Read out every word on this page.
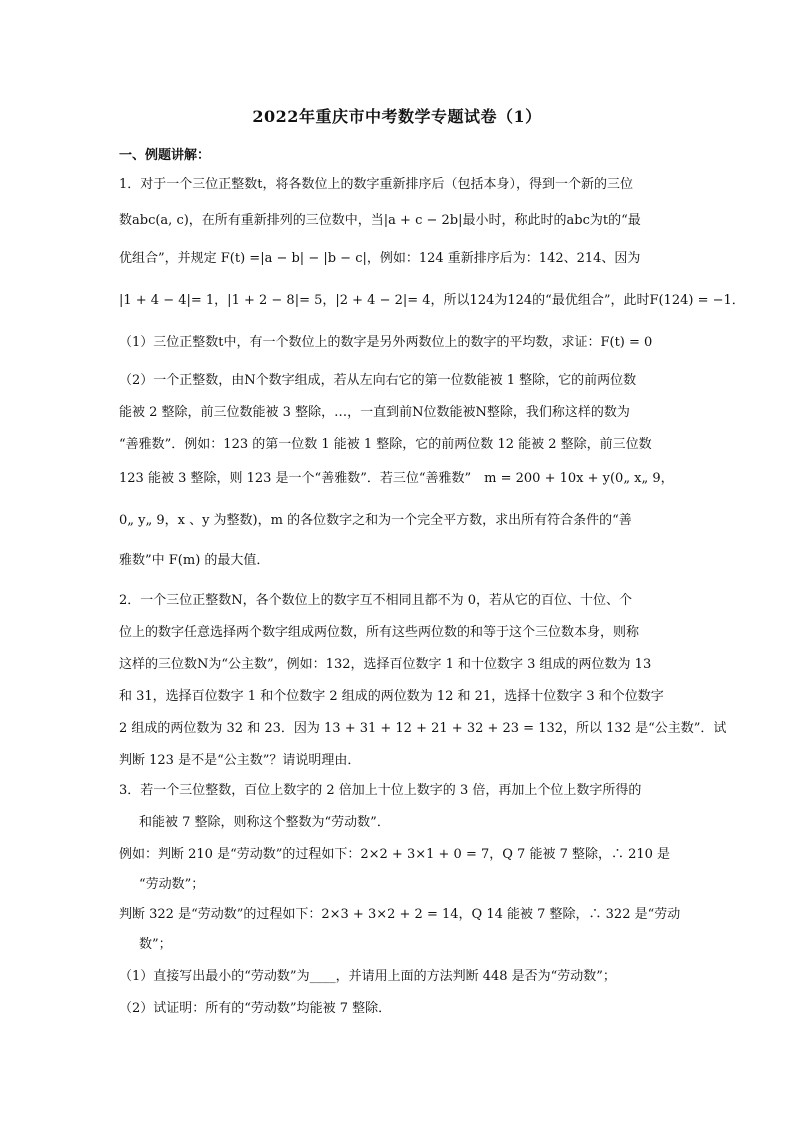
2022年重庆市中考数学专题试卷（1）
一、例题讲解：
1．对于一个三位正整数t，将各数位上的数字重新排序后（包括本身），得到一个新的三位
数abc(a, c)，在所有重新排列的三位数中，当|a + c − 2b|最小时，称此时的abc为t的“最
优组合”，并规定 F(t) =|a − b| − |b − c|，例如：124 重新排序后为：142、214、因为
|1 + 4 − 4|= 1，|1 + 2 − 8|= 5，|2 + 4 − 2|= 4，所以124为124的“最优组合”，此时F(124) = −1．
（1）三位正整数t中，有一个数位上的数字是另外两数位上的数字的平均数，求证：F(t) = 0
（2）一个正整数，由N个数字组成，若从左向右它的第一位数能被 1 整除，它的前两位数
能被 2 整除，前三位数能被 3 整除，…，一直到前N位数能被N整除，我们称这样的数为
“善雅数”．例如：123 的第一位数 1 能被 1 整除，它的前两位数 12 能被 2 整除，前三位数
123 能被 3 整除，则 123 是一个“善雅数”．若三位“善雅数”　m = 200 + 10x + y(0„ x„ 9，
0„ y„ 9，x 、y 为整数)，m 的各位数字之和为一个完全平方数，求出所有符合条件的“善
雅数”中 F(m) 的最大值．
2．一个三位正整数N，各个数位上的数字互不相同且都不为 0，若从它的百位、十位、个
位上的数字任意选择两个数字组成两位数，所有这些两位数的和等于这个三位数本身，则称
这样的三位数N为“公主数”，例如：132，选择百位数字 1 和十位数字 3 组成的两位数为 13
和 31，选择百位数字 1 和个位数字 2 组成的两位数为 12 和 21，选择十位数字 3 和个位数字
2 组成的两位数为 32 和 23．因为 13 + 31 + 12 + 21 + 32 + 23 = 132，所以 132 是“公主数”．试
判断 123 是不是“公主数”？请说明理由．
3．若一个三位整数，百位上数字的 2 倍加上十位上数字的 3 倍，再加上个位上数字所得的
和能被 7 整除，则称这个整数为“劳动数”．
例如：判断 210 是“劳动数”的过程如下：2×2 + 3×1 + 0 = 7，Q 7 能被 7 整除，∴ 210 是
“劳动数”；
判断 322 是“劳动数”的过程如下：2×3 + 3×2 + 2 = 14，Q 14 能被 7 整除，∴ 322 是“劳动
数”；
（1）直接写出最小的“劳动数”为____，并请用上面的方法判断 448 是否为“劳动数”；
（2）试证明：所有的“劳动数”均能被 7 整除．
